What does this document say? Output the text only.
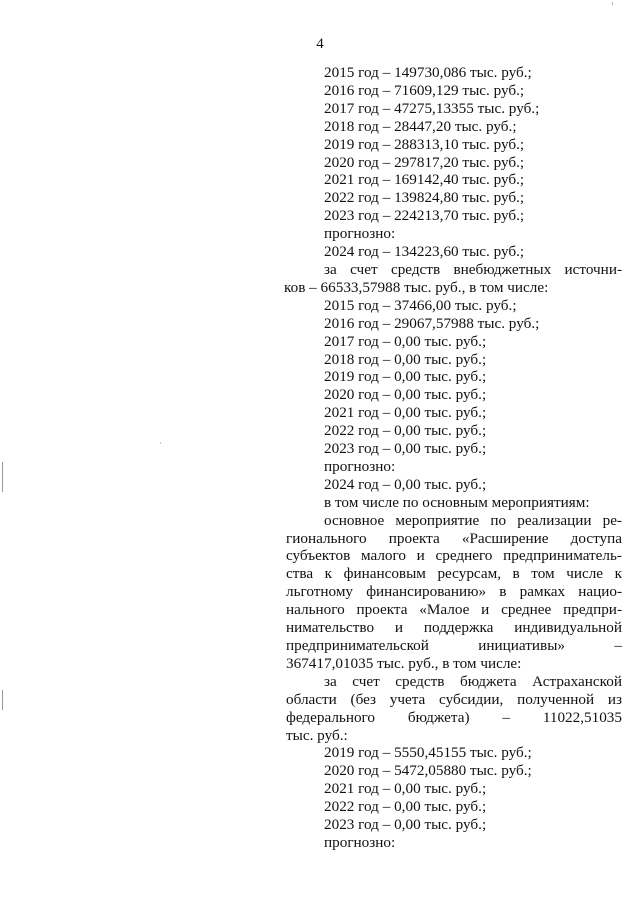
4
2015 год – 149730,086 тыс. руб.;
2016 год – 71609,129 тыс. руб.;
2017 год – 47275,13355 тыс. руб.;
2018 год – 28447,20 тыс. руб.;
2019 год – 288313,10 тыс. руб.;
2020 год – 297817,20 тыс. руб.;
2021 год – 169142,40 тыс. руб.;
2022 год – 139824,80 тыс. руб.;
2023 год – 224213,70 тыс. руб.;
прогнозно:
2024 год – 134223,60 тыс. руб.;
за счет средств внебюджетных источни-
ков – 66533,57988 тыс. руб., в том числе:
2015 год – 37466,00 тыс. руб.;
2016 год – 29067,57988 тыс. руб.;
2017 год – 0,00 тыс. руб.;
2018 год – 0,00 тыс. руб.;
2019 год – 0,00 тыс. руб.;
2020 год – 0,00 тыс. руб.;
2021 год – 0,00 тыс. руб.;
2022 год – 0,00 тыс. руб.;
2023 год – 0,00 тыс. руб.;
прогнозно:
2024 год – 0,00 тыс. руб.;
в том числе по основным мероприятиям:
основное мероприятие по реализации ре-
гионального проекта «Расширение доступа
субъектов малого и среднего предприниматель-
ства к финансовым ресурсам, в том числе к
льготному финансированию» в рамках нацио-
нального проекта «Малое и среднее предпри-
нимательство и поддержка индивидуальной
предпринимательской инициативы» –
367417,01035 тыс. руб., в том числе:
за счет средств бюджета Астраханской
области (без учета субсидии, полученной из
федерального бюджета) – 11022,51035
тыс. руб.:
2019 год – 5550,45155 тыс. руб.;
2020 год – 5472,05880 тыс. руб.;
2021 год – 0,00 тыс. руб.;
2022 год – 0,00 тыс. руб.;
2023 год – 0,00 тыс. руб.;
прогнозно:
